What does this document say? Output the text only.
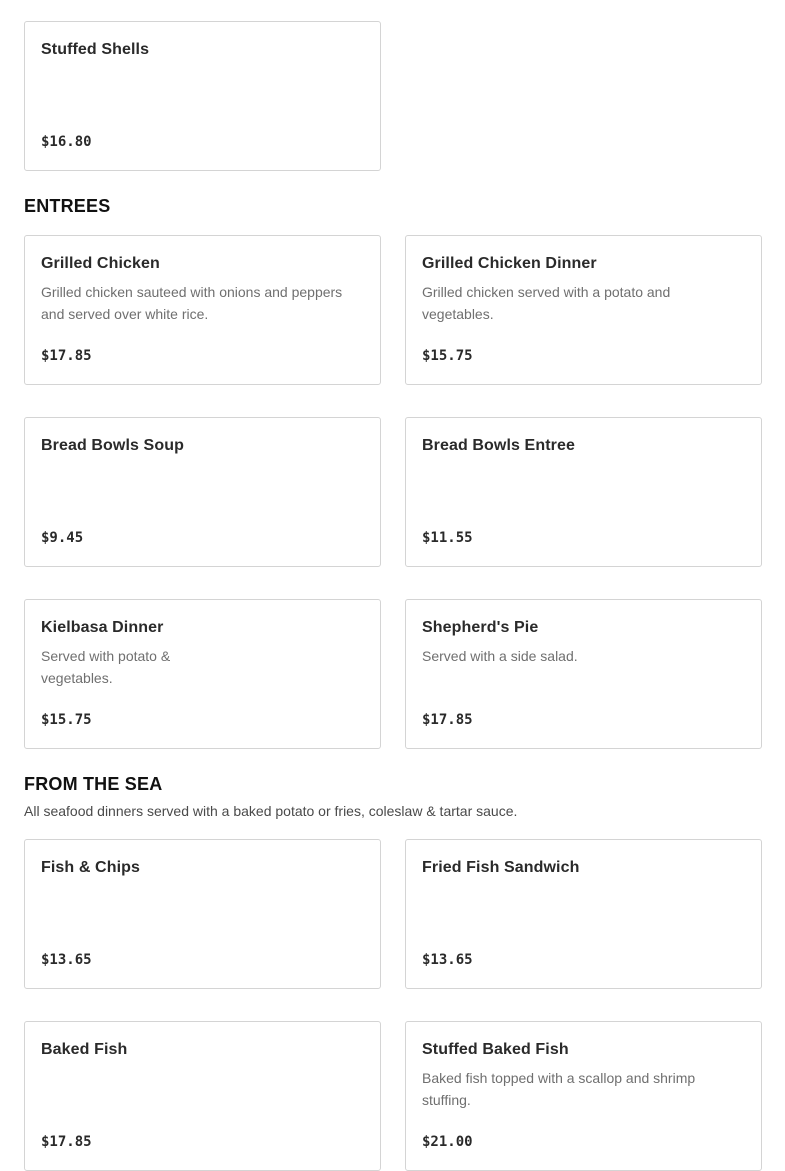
Stuffed Shells
$16.80
ENTREES
Grilled Chicken
Grilled chicken sauteed with onions and peppers and served over white rice.
$17.85
Grilled Chicken Dinner
Grilled chicken served with a potato and vegetables.
$15.75
Bread Bowls Soup
$9.45
Bread Bowls Entree
$11.55
Kielbasa Dinner
Served with potato &
vegetables.
$15.75
Shepherd's Pie
Served with a side salad.
$17.85
FROM THE SEA

All seafood dinners served with a baked potato or fries, coleslaw & tartar sauce.

Fish & Chips
$13.65
Fried Fish Sandwich
$13.65
Baked Fish
$17.85
Stuffed Baked Fish
Baked fish topped with a scallop and shrimp stuffing.
$21.00
